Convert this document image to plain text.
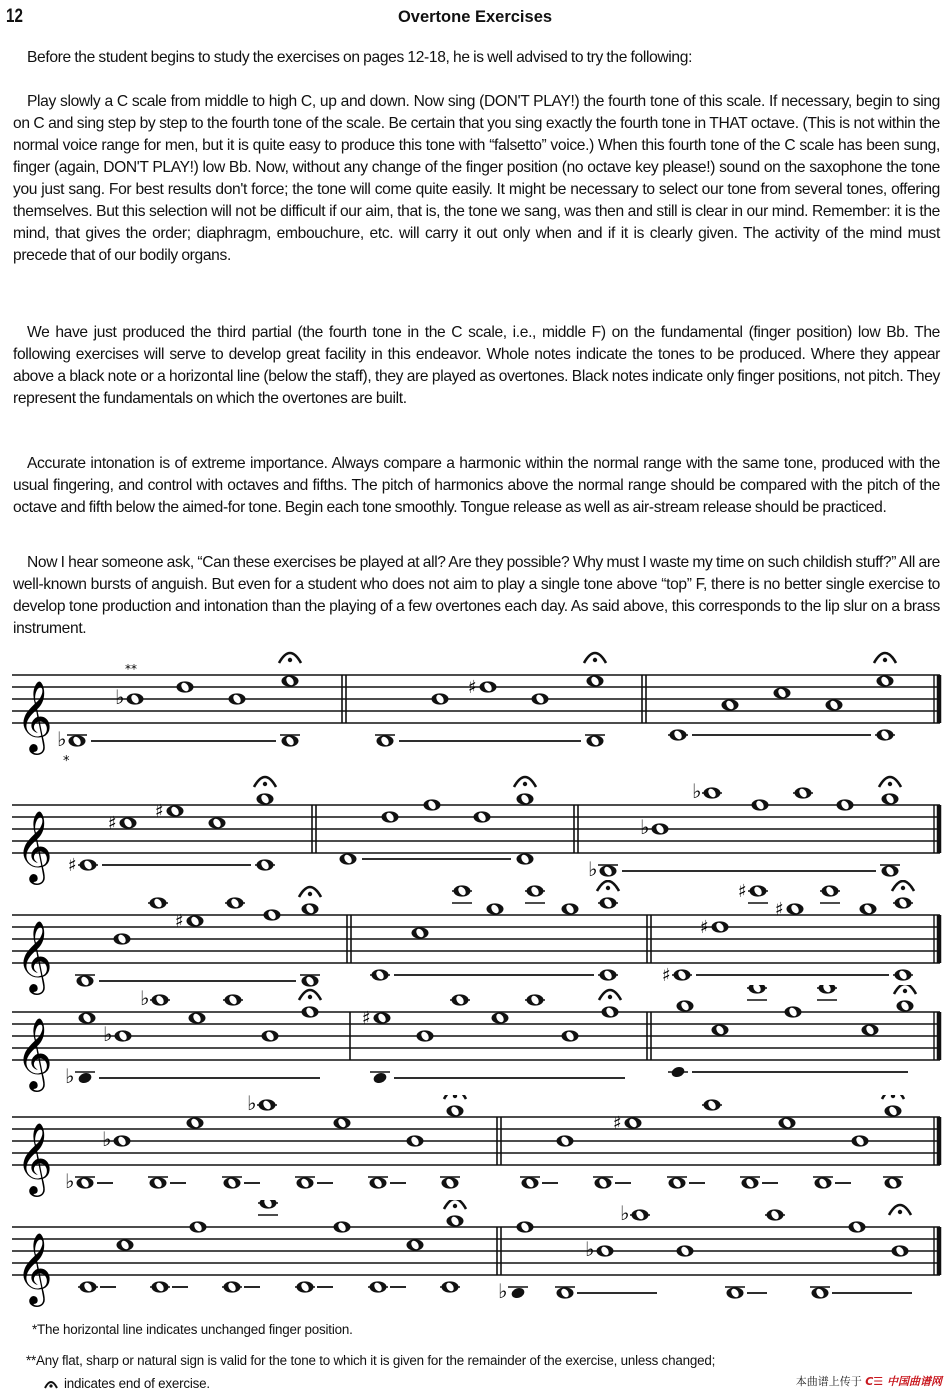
12	Overtone Exercises
Before the student begins to study the exercises on pages 12-18, he is well advised to try the following:
Play slowly a C scale from middle to high C, up and down. Now sing (DON'T PLAY!) the fourth tone of this scale. If necessary, begin to sing on C and sing step by step to the fourth tone of the scale. Be certain that you sing exactly the fourth tone in THAT octave. (This is not within the normal voice range for men, but it is quite easy to produce this tone with “falsetto” voice.) When this fourth tone of the C scale has been sung, finger (again, DON'T PLAY!) low Bb. Now, without any change of the finger position (no octave key please!) sound on the saxophone the tone you just sang. For best results don't force; the tone will come quite easily. It might be necessary to select our tone from several tones, offering themselves. But this selection will not be difficult if our aim, that is, the tone we sang, was then and still is clear in our mind. Remember: it is the mind, that gives the order; diaphragm, embouchure, etc. will carry it out only when and if it is clearly given. The activity of the mind must precede that of our bodily organs.
We have just produced the third partial (the fourth tone in the C scale, i.e., middle F) on the fundamental (finger position) low Bb. The following exercises will serve to develop great facility in this endeavor. Whole notes indicate the tones to be produced. Where they appear above a black note or a horizontal line (below the staff), they are played as overtones. Black notes indicate only finger positions, not pitch. They represent the fundamentals on which the overtones are built.
Accurate intonation is of extreme importance. Always compare a harmonic within the normal range with the same tone, produced with the usual fingering, and control with octaves and fifths. The pitch of harmonics above the normal range should be compared with the pitch of the octave and fifth below the aimed-for tone. Begin each tone smoothly. Tongue release as well as air-stream release should be practiced.
Now I hear someone ask, “Can these exercises be played at all? Are they possible? Why must I waste my time on such childish stuff?” All are well-known bursts of anguish. But even for a student who does not aim to play a single tone above “top” F, there is no better single exercise to develop tone production and intonation than the playing of a few overtones each day. As said above, this corresponds to the lip slur on a brass instrument.
𝄞 ♭
*
♭
**
♯
𝄞 ♯
♯
♯
♭
♭
♭
𝄞	♯
♯
♯
♯
♯
𝄞 ♭
♭
♭
♯
𝄞 ♭
♭
♭
♯
𝄞	♭
♭
♭
*The horizontal line indicates unchanged finger position.
**Any flat, sharp or natural sign is valid for the tone to which it is given for the remainder of the exercise, unless changed;
indicates end of exercise.	本曲谱上传于 C☰ 中国曲谱网
